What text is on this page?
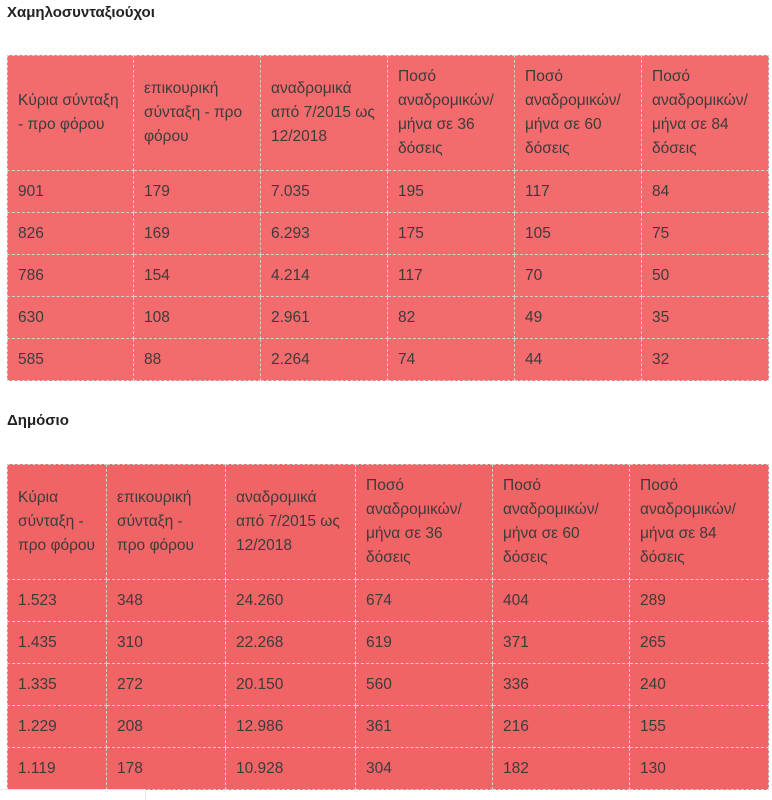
Χαμηλοσυνταξιούχοι
Κύρια σύνταξη - προ φόρου	επικουρική σύνταξη - προ φόρου	αναδρομικά από 7/2015 ως 12/2018	Ποσό αναδρομικών/ μήνα σε 36 δόσεις	Ποσό αναδρομικών/ μήνα σε 60 δόσεις	Ποσό αναδρομικών/ μήνα σε 84 δόσεις
901	179	7.035	195	117	84
826	169	6.293	175	105	75
786	154	4.214	117	70	50
630	108	2.961	82	49	35
585	88	2.264	74	44	32
Δημόσιο
Κύρια σύνταξη - προ φόρου	επικουρική σύνταξη - προ φόρου	αναδρομικά από 7/2015 ως 12/2018	Ποσό αναδρομικών/ μήνα σε 36 δόσεις	Ποσό αναδρομικών/ μήνα σε 60 δόσεις	Ποσό αναδρομικών/ μήνα σε 84 δόσεις
1.523	348	24.260	674	404	289
1.435	310	22.268	619	371	265
1.335	272	20.150	560	336	240
1.229	208	12.986	361	216	155
1.119	178	10.928	304	182	130
